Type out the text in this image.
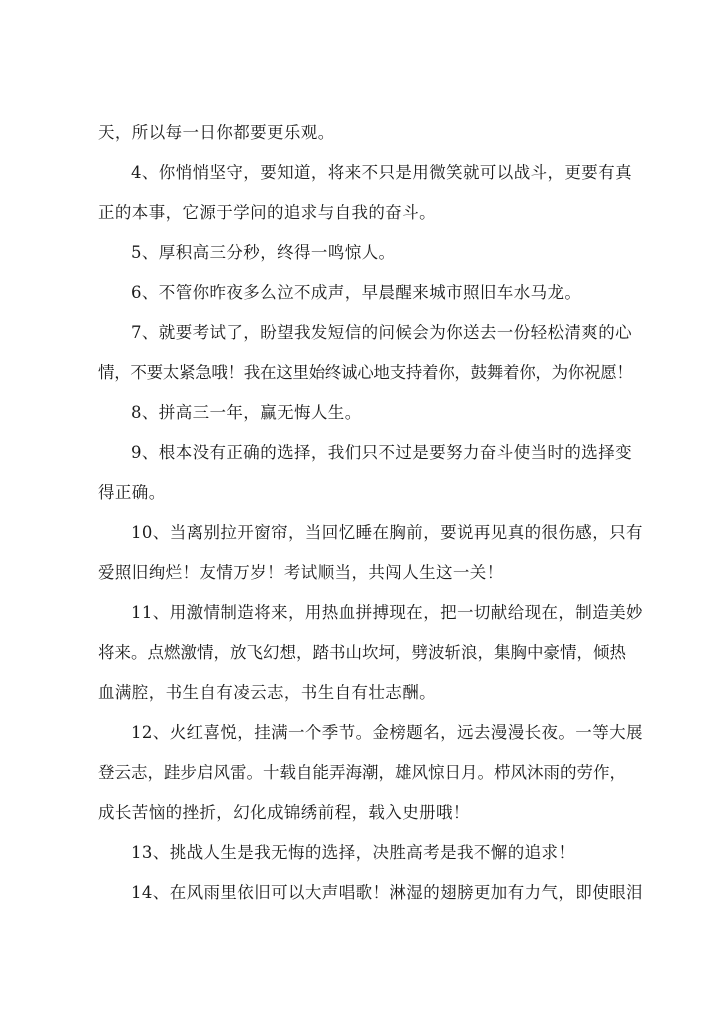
天，所以每一日你都要更乐观。
4、你悄悄坚守，要知道，将来不只是用微笑就可以战斗，更要有真
正的本事，它源于学问的追求与自我的奋斗。
5、厚积高三分秒，终得一鸣惊人。
6、不管你昨夜多么泣不成声，早晨醒来城市照旧车水马龙。
7、就要考试了，盼望我发短信的问候会为你送去一份轻松清爽的心
情，不要太紧急哦！我在这里始终诚心地支持着你，鼓舞着你，为你祝愿！
8、拼高三一年，赢无悔人生。
9、根本没有正确的选择，我们只不过是要努力奋斗使当时的选择变
得正确。
10、当离别拉开窗帘，当回忆睡在胸前，要说再见真的很伤感，只有
爱照旧绚烂！友情万岁！考试顺当，共闯人生这一关！
11、用激情制造将来，用热血拼搏现在，把一切献给现在，制造美妙
将来。点燃激情，放飞幻想，踏书山坎坷，劈波斩浪，集胸中豪情，倾热
血满腔，书生自有凌云志，书生自有壮志酬。
12、火红喜悦，挂满一个季节。金榜题名，远去漫漫长夜。一等大展
登云志，跬步启风雷。十载自能弄海潮，雄风惊日月。栉风沐雨的劳作，
成长苦恼的挫折，幻化成锦绣前程，载入史册哦！
13、挑战人生是我无悔的选择，决胜高考是我不懈的追求！
14、在风雨里依旧可以大声唱歌！淋湿的翅膀更加有力气，即使眼泪
